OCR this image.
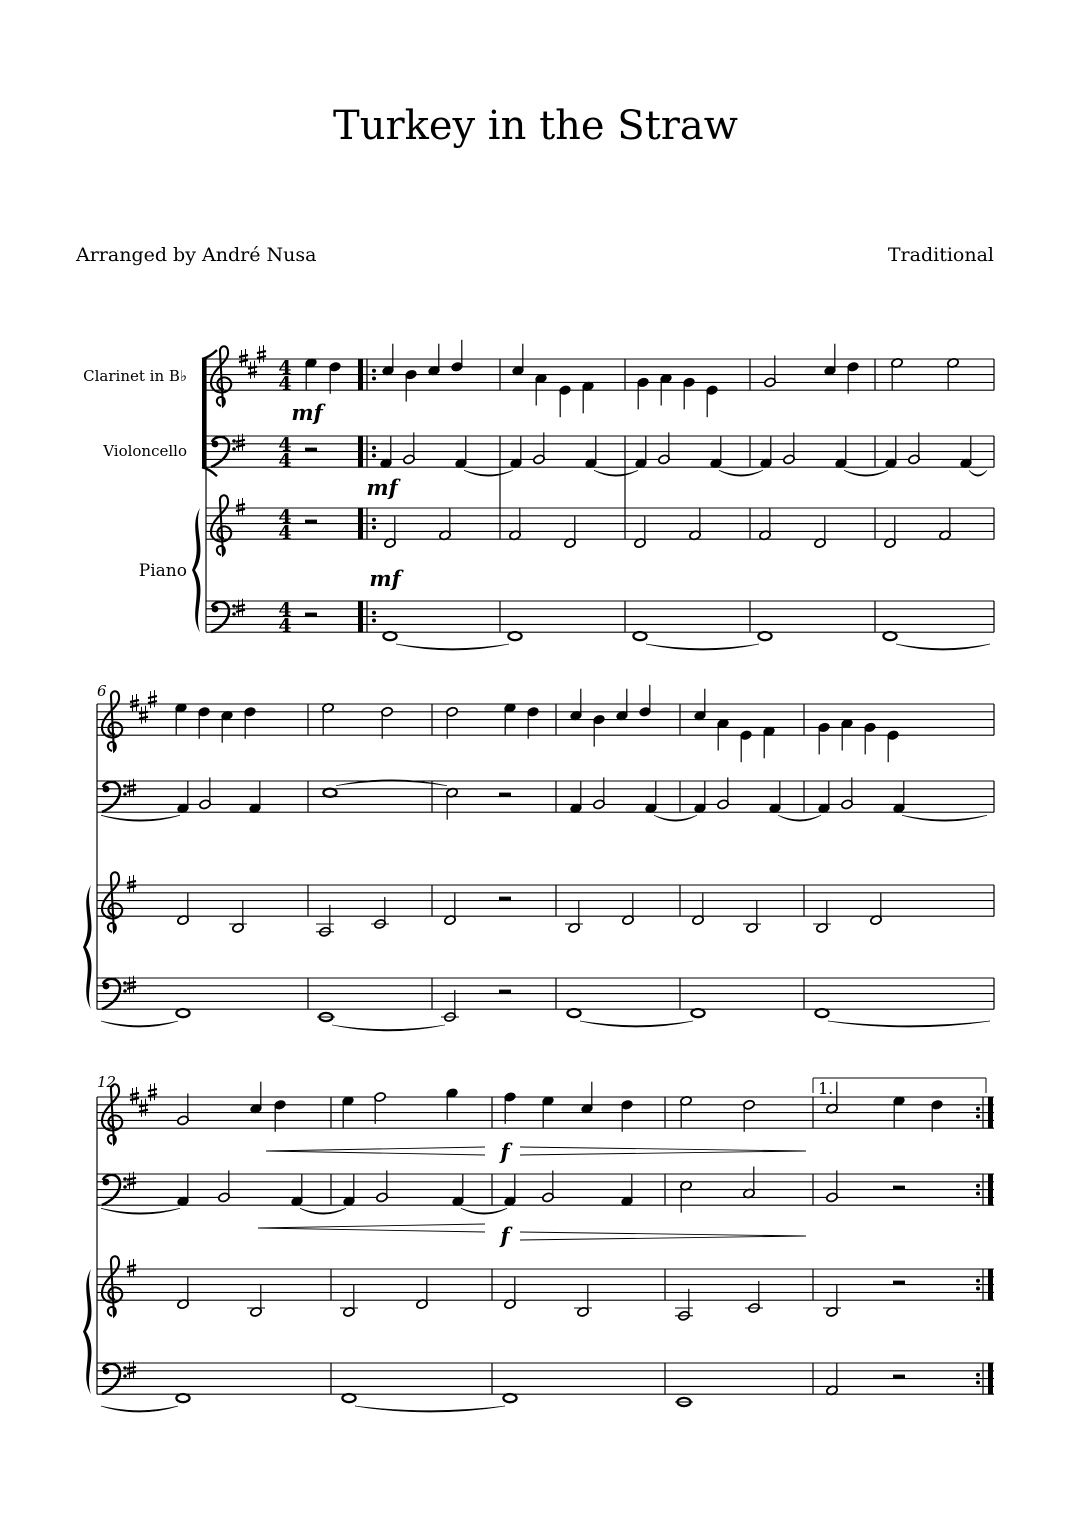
Turkey in the Straw
Arranged by André Nusa	Traditional
Clarinet in B♭
Violoncello
Piano
4
4
4
4
4
4
4
4
mf
mf
mf
6
12	1.
f
f
